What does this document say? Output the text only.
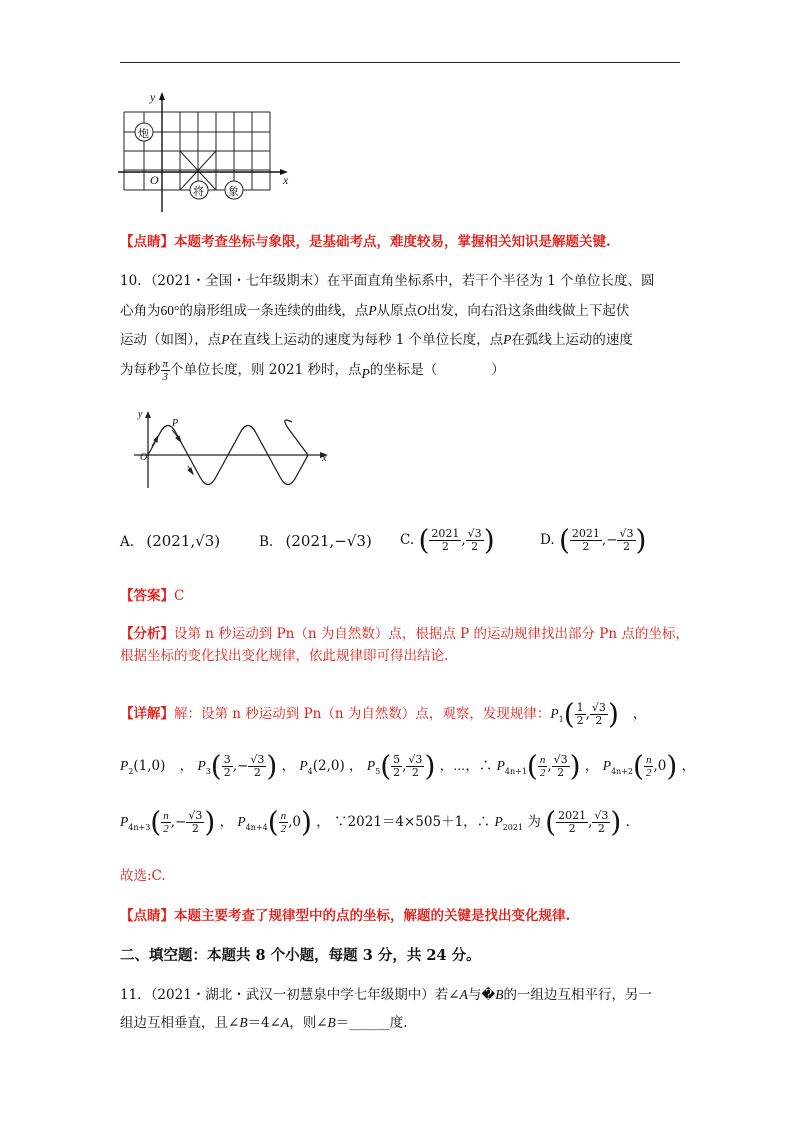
y
x
O
炮
将 象
【点睛】本题考查坐标与象限，是基础考点，难度较易，掌握相关知识是解题关键.
10．（2021・全国・七年级期末）在平面直角坐标系中，若干个半径为 1 个单位长度、圆
心角为60°的扇形组成一条连续的曲线，点P从原点O出发，向右沿这条曲线做上下起伏
运动（如图），点P在直线上运动的速度为每秒 1 个单位长度，点P在弧线上运动的速度
为每秒 $\frac{\pi}{3}$ 个单位长度，则 2021 秒时，点P的坐标是（　　　　）
y
x
O
P
A. (2021,√3)	B. (2021,−√3) C. ( $\frac{2021}{2}$ , $\frac{√3}{2}$ )	D. ( $\frac{2021}{2}$ ,− $\frac{√3}{2}$ )
【答案】C
【分析】设第 n 秒运动到 Pn（n 为自然数）点，根据点 P 的运动规律找出部分 Pn 点的坐标，
根据坐标的变化找出变化规律，依此规律即可得出结论.
【详解】解：设第 n 秒运动到 Pn（n 为自然数）点，观察，发现规律：$P_1( \frac{1}{2}$ , $\frac{√3}{2}$ ) ，
$P_2(1,0)$ ， $P_3( \frac{3}{2}$ ,− $\frac{√3}{2}$ ) ， $P_4(2,0)$ ， $P_5( \frac{5}{2}$ , $\frac{√3}{2}$ ) ，⋯，∴ $P_{4n+1}( \frac{n}{2}$ , $\frac{√3}{2}$ ) ， $P_{4n+2}( \frac{n}{2} ,0)$ ，
$P_{4n+3}( \frac{n}{2}$ ,− $\frac{√3}{2}$ ) ， $P_{4n+4}( \frac{n}{2} ,0)$ ， ∵2021＝4×505＋1，∴ $P_{2021}$ 为 ( $\frac{2021}{2}$ , $\frac{√3}{2}$ ) .
故选:C.
【点睛】本题主要考查了规律型中的点的坐标，解题的关键是找出变化规律.
二、填空题：本题共 8 个小题，每题 3 分，共 24 分。
11．（2021・湖北・武汉一初慧泉中学七年级期中）若∠A与�B的一组边互相平行，另一
组边互相垂直，且∠B＝4∠A，则∠B＝______度.
